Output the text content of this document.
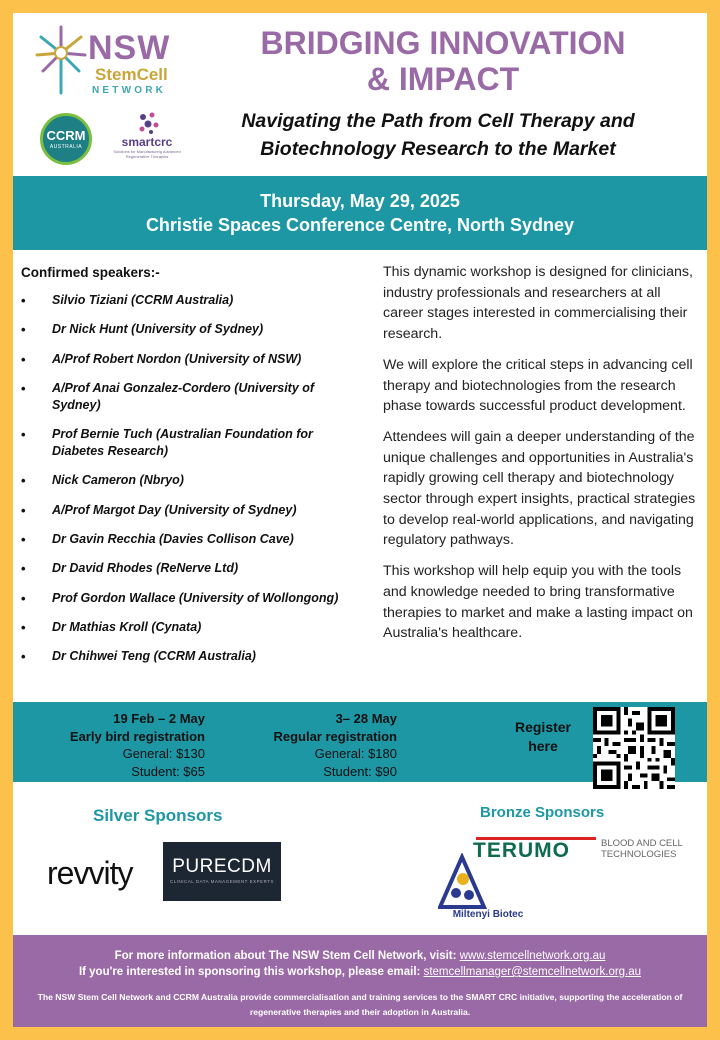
NSW
StemCell
NETWORK
CCRM
AUSTRALIA	smartcrc
Solutions for Manufacturing Advanced Regenerative Therapies
BRIDGING INNOVATION
& IMPACT
Navigating the Path from Cell Therapy and
Biotechnology Research to the Market
Thursday, May 29, 2025
Christie Spaces Conference Centre, North Sydney
Confirmed speakers:-
• Silvio Tiziani (CCRM Australia)
• Dr Nick Hunt (University of Sydney)
• A/Prof Robert Nordon (University of NSW)
• A/Prof Anai Gonzalez-Cordero (University of Sydney)
• Prof Bernie Tuch (Australian Foundation for Diabetes Research)
• Nick Cameron (Nbryo)
• A/Prof Margot Day (University of Sydney)
• Dr Gavin Recchia (Davies Collison Cave)
• Dr David Rhodes (ReNerve Ltd)
• Prof Gordon Wallace (University of Wollongong)
• Dr Mathias Kroll (Cynata)
• Dr Chihwei Teng (CCRM Australia)

This dynamic workshop is designed for clinicians, industry professionals and researchers at all career stages interested in commercialising their research.

We will explore the critical steps in advancing cell therapy and biotechnologies from the research phase towards successful product development.

Attendees will gain a deeper understanding of the unique challenges and opportunities in Australia's rapidly growing cell therapy and biotechnology sector through expert insights, practical strategies to develop real-world applications, and navigating regulatory pathways.

This workshop will help equip you with the tools and knowledge needed to bring transformative therapies to market and make a lasting impact on Australia's healthcare.

19 Feb – 2 May
Early bird registration
General: $130
Student: $65
3– 28 May
Regular registration
General: $180
Student: $90
Register
here
Silver Sponsors	Bronze Sponsors
revvity	PURECDM
CLINICAL DATA MANAGEMENT EXPERTS
TERUMO	BLOOD AND CELL
TECHNOLOGIES
Miltenyi Biotec
For more information about The NSW Stem Cell Network, visit: www.stemcellnetwork.org.au
If you're interested in sponsoring this workshop, please email: stemcellmanager@stemcellnetwork.org.au
The NSW Stem Cell Network and CCRM Australia provide commercialisation and training services to the SMART CRC initiative, supporting the acceleration of regenerative therapies and their adoption in Australia.
